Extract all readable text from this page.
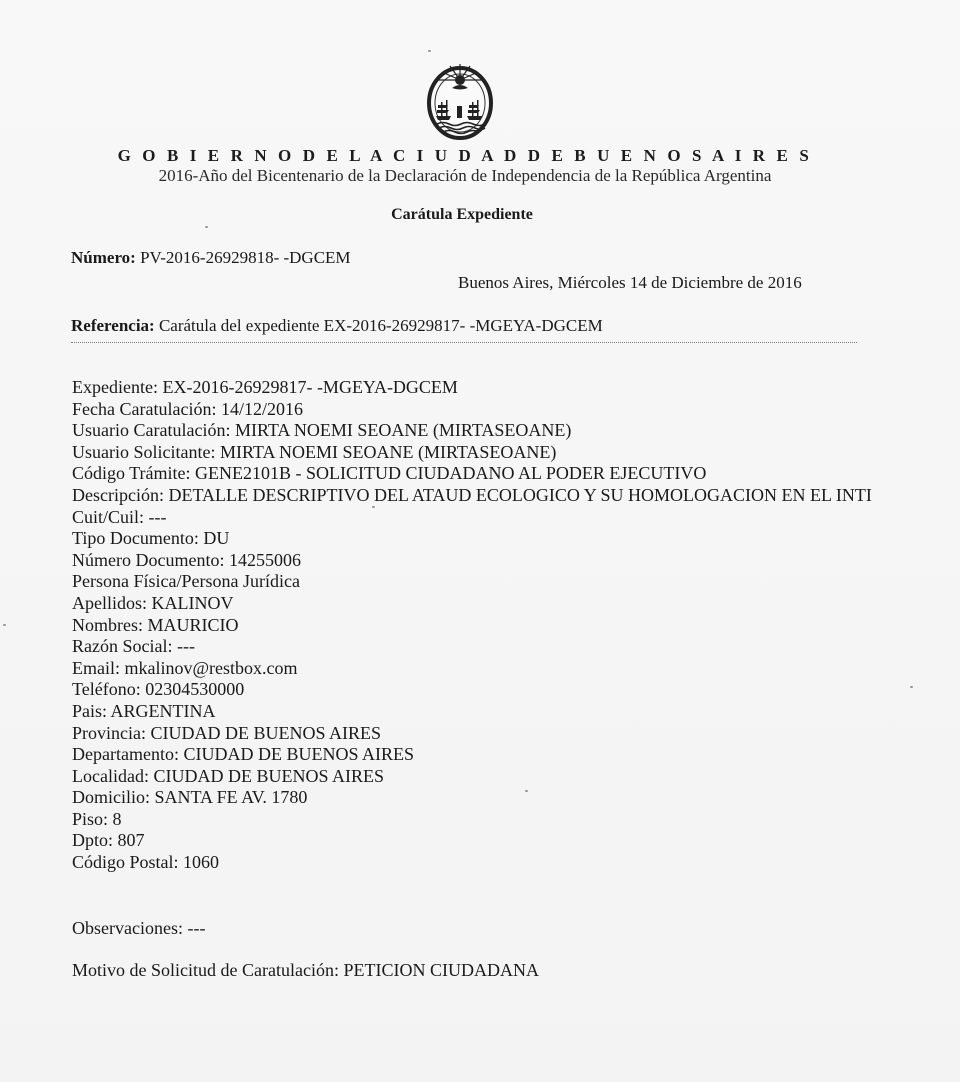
G O B I E R N O D E L A C I U D A D D E B U E N O S A I R E S
2016-Año del Bicentenario de la Declaración de Independencia de la República Argentina
Carátula Expediente
Número: PV-2016-26929818- -DGCEM
Buenos Aires, Miércoles 14 de Diciembre de 2016
Referencia: Carátula del expediente EX-2016-26929817- -MGEYA-DGCEM

Expediente: EX-2016-26929817- -MGEYA-DGCEM

Fecha Caratulación: 14/12/2016

Usuario Caratulación: MIRTA NOEMI SEOANE (MIRTASEOANE)

Usuario Solicitante: MIRTA NOEMI SEOANE (MIRTASEOANE)

Código Trámite: GENE2101B - SOLICITUD CIUDADANO AL PODER EJECUTIVO

Descripción: DETALLE DESCRIPTIVO DEL ATAUD ECOLOGICO Y SU HOMOLOGACION EN EL INTI

Cuit/Cuil: ---

Tipo Documento: DU

Número Documento: 14255006

Persona Física/Persona Jurídica

Apellidos: KALINOV

Nombres: MAURICIO

Razón Social: ---

Email: mkalinov@restbox.com

Teléfono: 02304530000

Pais: ARGENTINA

Provincia: CIUDAD DE BUENOS AIRES

Departamento: CIUDAD DE BUENOS AIRES

Localidad: CIUDAD DE BUENOS AIRES

Domicilio: SANTA FE AV. 1780

Piso: 8

Dpto: 807

Código Postal: 1060

Observaciones: ---
Motivo de Solicitud de Caratulación: PETICION CIUDADANA
